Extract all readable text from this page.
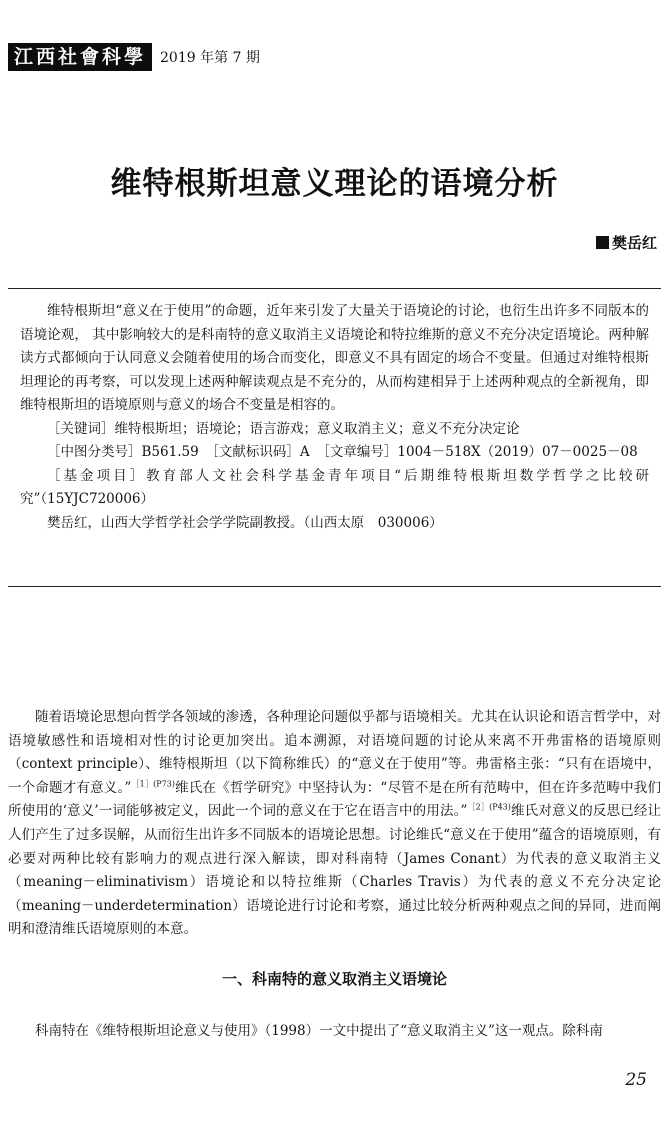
江西社會科學	2019 年第 7 期
维特根斯坦意义理论的语境分析
樊岳红

维特根斯坦“意义在于使用”的命题，近年来引发了大量关于语境论的讨论，也衍生出许多不同版本的语境论观， 其中影响较大的是科南特的意义取消主义语境论和特拉维斯的意义不充分决定语境论。两种解读方式都倾向于认同意义会随着使用的场合而变化，即意义不具有固定的场合不变量。但通过对维特根斯坦理论的再考察，可以发现上述两种解读观点是不充分的，从而构建相异于上述两种观点的全新视角，即维特根斯坦的语境原则与意义的场合不变量是相容的。

［关键词］维特根斯坦；语境论；语言游戏；意义取消主义；意义不充分决定论

［中图分类号］B561.59　［文献标识码］A　［文章编号］1004－518X（2019）07－0025－08

［基金项目］教育部人文社会科学基金青年项目“后期维特根斯坦数学哲学之比较研究”（15YJC720006）

樊岳红，山西大学哲学社会学学院副教授。（山西太原　030006）

随着语境论思想向哲学各领域的渗透，各种理论问题似乎都与语境相关。尤其在认识论和语言哲学中，对语境敏感性和语境相对性的讨论更加突出。追本溯源，对语境问题的讨论从来离不开弗雷格的语境原则（context principle）、维特根斯坦（以下简称维氏）的“意义在于使用”等。弗雷格主张：“只有在语境中，一个命题才有意义。”$^{[1](P73)}$维氏在《哲学研究》中坚持认为：“尽管不是在所有范畴中，但在许多范畴中我们所使用的‘意义’一词能够被定义，因此一个词的意义在于它在语言中的用法。”$^{[2](P43)}$维氏对意义的反思已经让人们产生了过多误解，从而衍生出许多不同版本的语境论思想。讨论维氏“意义在于使用”蕴含的语境原则，有必要对两种比较有影响力的观点进行深入解读，即对科南特（James Conant）为代表的意义取消主义（meaning－eliminativism）语境论和以特拉维斯（Charles Travis）为代表的意义不充分决定论（meaning－underdetermination）语境论进行讨论和考察，通过比较分析两种观点之间的异同，进而阐明和澄清维氏语境原则的本意。

一、科南特的意义取消主义语境论

科南特在《维特根斯坦论意义与使用》（1998）一文中提出了“意义取消主义”这一观点。除科南

25
